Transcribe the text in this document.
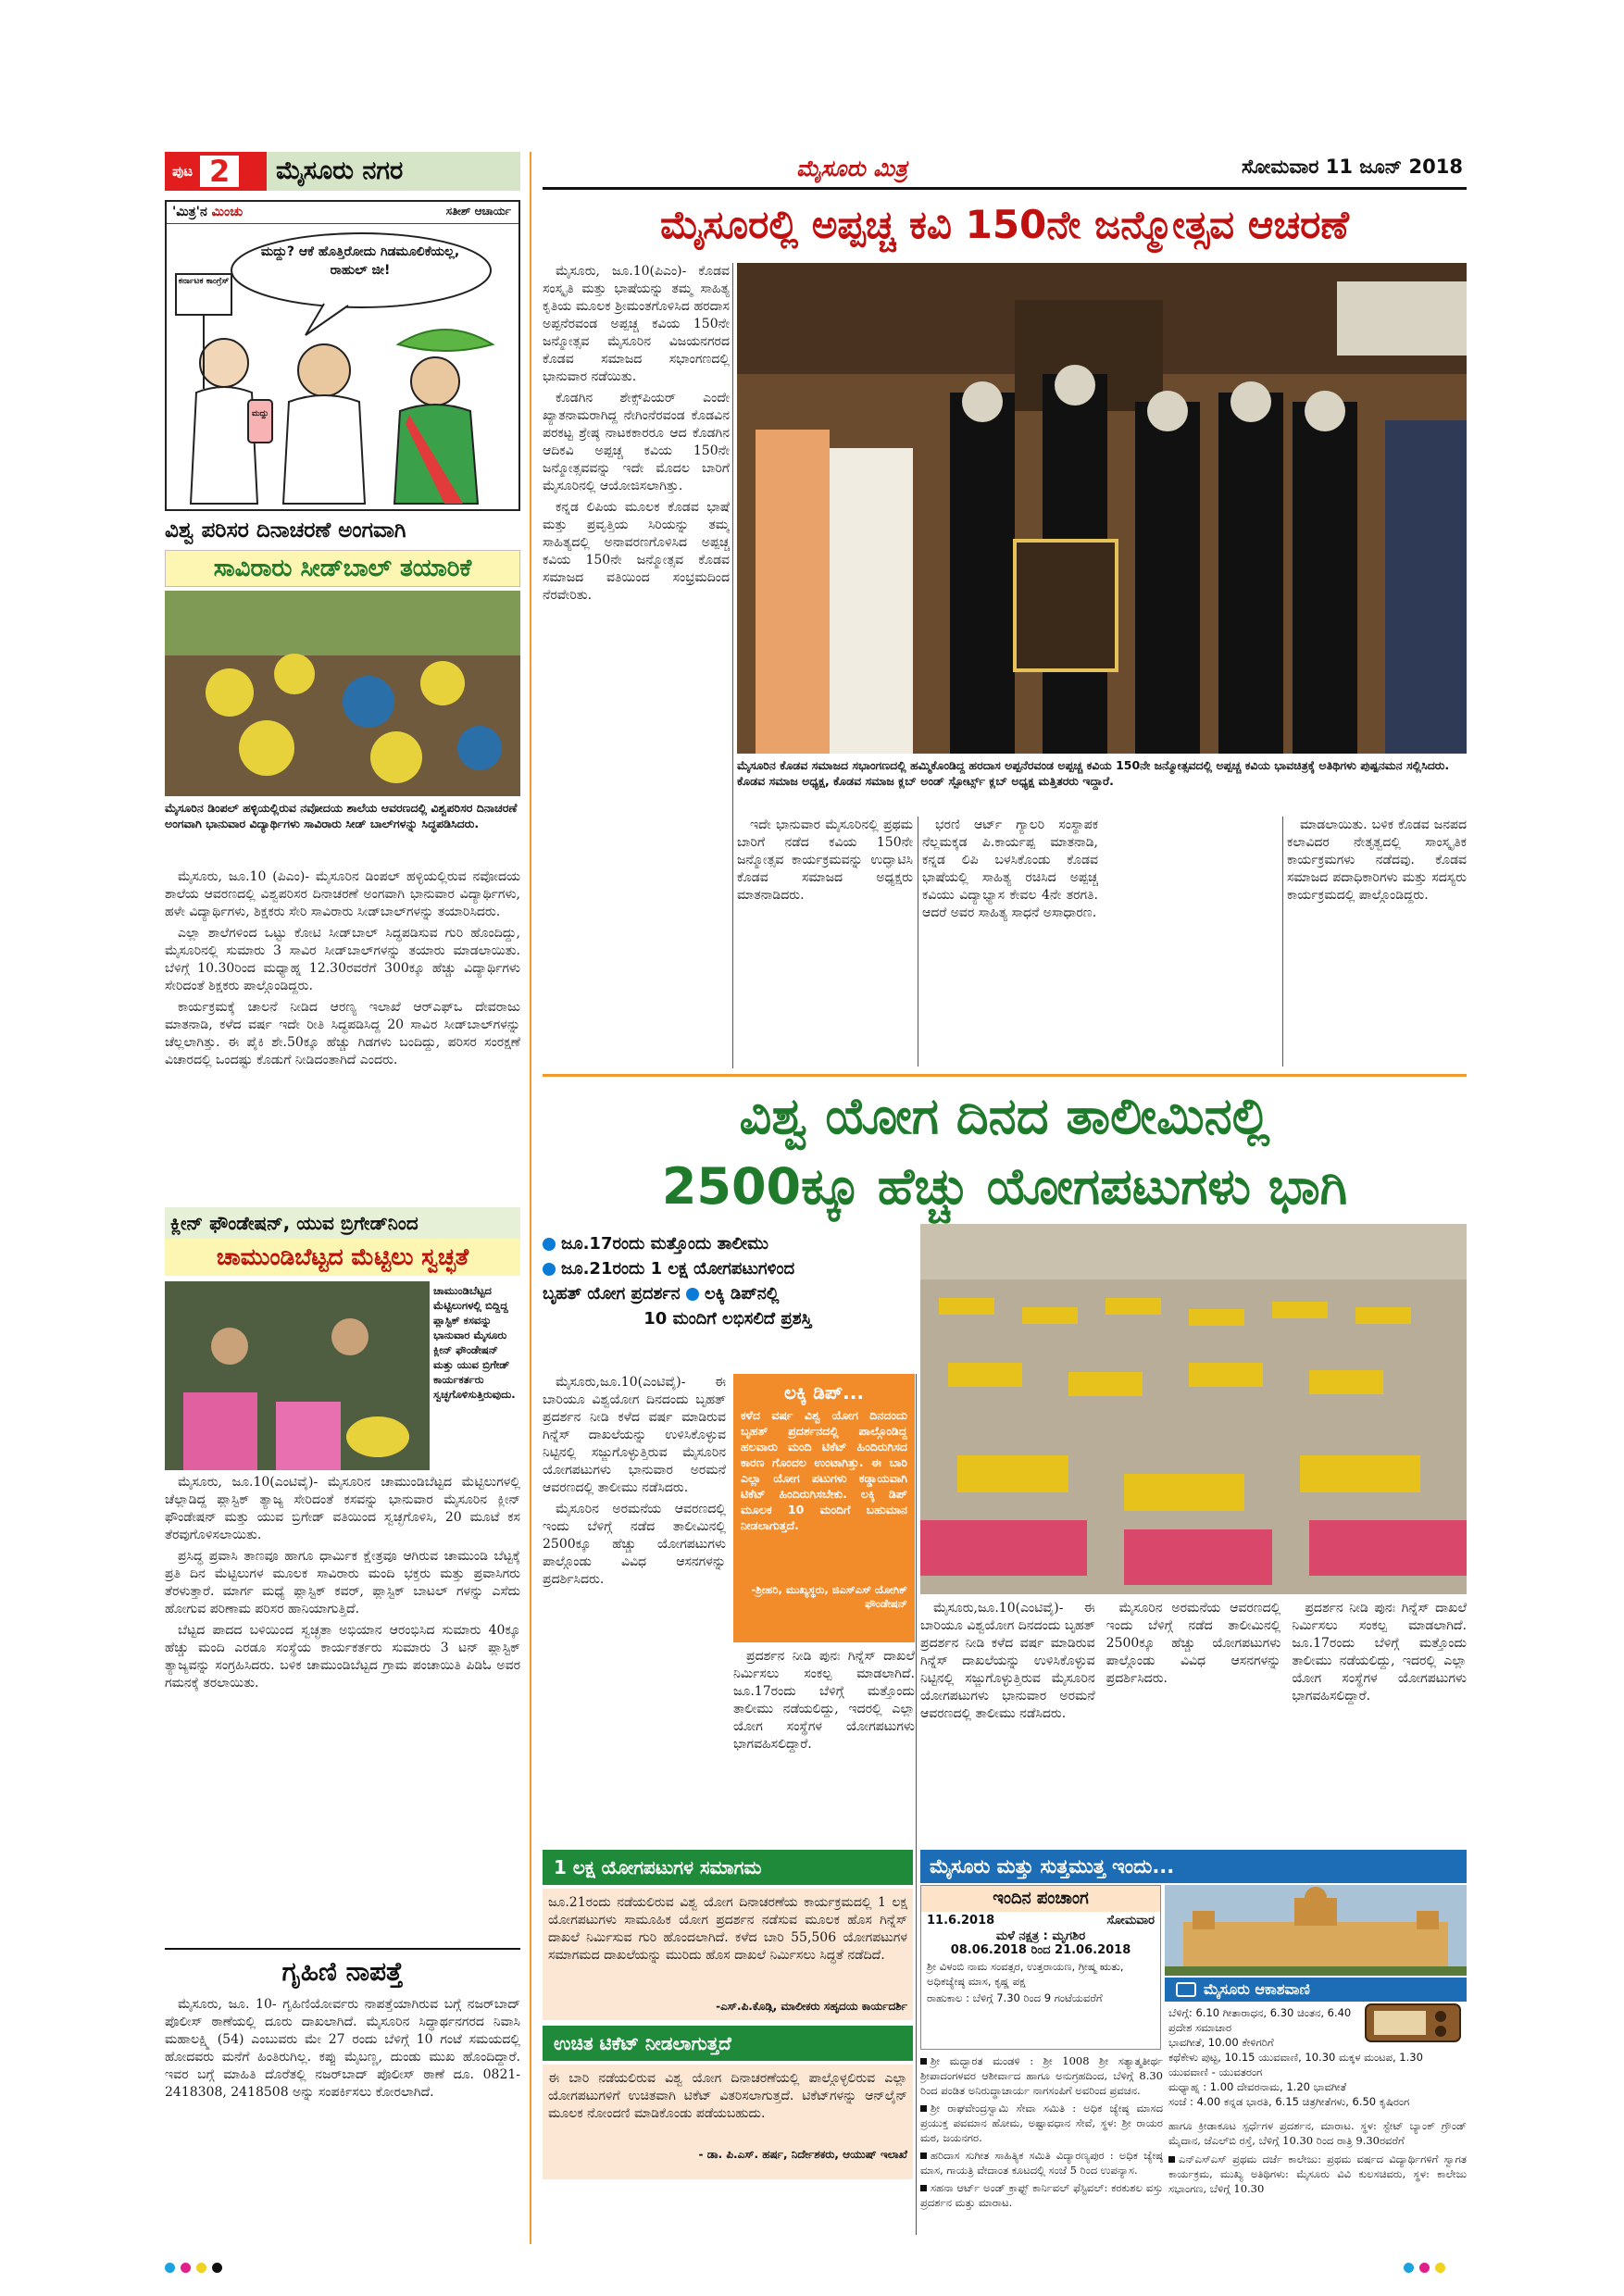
ಪುಟ 2	ಮೈಸೂರು ನಗರ	ಮೈಸೂರು ಮಿತ್ರ	ಸೋಮವಾರ 11 ಜೂನ್ 2018
'ಮಿತ್ರ'ನ ಮಿಂಚು	ಸತೀಶ್ ಆಚಾರ್ಯ
ಮದ್ದು? ಆಕೆ ಹೊತ್ತಿರೋದು ಗಿಡಮೂಲಿಕೆಯಲ್ಲ, ರಾಹುಲ್ ಜೀ!
ಕರ್ನಾಟಕ ಕಾಂಗ್ರೆಸ್
ಮದ್ದು
ವಿಶ್ವ ಪರಿಸರ ದಿನಾಚರಣೆ ಅಂಗವಾಗಿ
ಸಾವಿರಾರು ಸೀಡ್‌ಬಾಲ್ ತಯಾರಿಕೆ
ಮೈಸೂರಿನ ಡಿಂಪಲ್ ಹಳ್ಳಿಯಲ್ಲಿರುವ ನವೋದಯ ಶಾಲೆಯ ಆವರಣದಲ್ಲಿ ವಿಶ್ವಪರಿಸರ ದಿನಾಚರಣೆ ಅಂಗವಾಗಿ ಭಾನುವಾರ ವಿದ್ಯಾರ್ಥಿಗಳು ಸಾವಿರಾರು ಸೀಡ್ ಬಾಲ್‌ಗಳನ್ನು ಸಿದ್ಧಪಡಿಸಿದರು.

ಮೈಸೂರು, ಜೂ.10 (ಪಿಎಂ)- ಮೈಸೂರಿನ ಡಿಂಪಲ್ ಹಳ್ಳಿಯಲ್ಲಿರುವ ನವೋದಯ ಶಾಲೆಯ ಆವರಣದಲ್ಲಿ ವಿಶ್ವಪರಿಸರ ದಿನಾಚರಣೆ ಅಂಗವಾಗಿ ಭಾನುವಾರ ವಿದ್ಯಾರ್ಥಿಗಳು, ಹಳೇ ವಿದ್ಯಾರ್ಥಿಗಳು, ಶಿಕ್ಷಕರು ಸೇರಿ ಸಾವಿರಾರು ಸೀಡ್‌ಬಾಲ್‌ಗಳನ್ನು ತಯಾರಿಸಿದರು.

ಎಲ್ಲಾ ಶಾಲೆಗಳಿಂದ ಒಟ್ಟು ಕೋಟಿ ಸೀಡ್‌ಬಾಲ್ ಸಿದ್ಧಪಡಿಸುವ ಗುರಿ ಹೊಂದಿದ್ದು, ಮೈಸೂರಿನಲ್ಲಿ ಸುಮಾರು 3 ಸಾವಿರ ಸೀಡ್‌ಬಾಲ್‌ಗಳನ್ನು ತಯಾರು ಮಾಡಲಾಯಿತು. ಬೆಳಿಗ್ಗೆ 10.30ರಿಂದ ಮಧ್ಯಾಹ್ನ 12.30ರವರೆಗೆ 300ಕ್ಕೂ ಹೆಚ್ಚು ವಿದ್ಯಾರ್ಥಿಗಳು ಸೇರಿದಂತೆ ಶಿಕ್ಷಕರು ಪಾಲ್ಗೊಂಡಿದ್ದರು.

ಕಾರ್ಯಕ್ರಮಕ್ಕೆ ಚಾಲನೆ ನೀಡಿದ ಆರಣ್ಯ ಇಲಾಖೆ ಆರ್‌ಎಫ್‌ಒ ದೇವರಾಜು ಮಾತನಾಡಿ, ಕಳೆದ ವರ್ಷ ಇದೇ ರೀತಿ ಸಿದ್ಧಪಡಿಸಿದ್ದ 20 ಸಾವಿರ ಸೀಡ್‌ಬಾಲ್‌ಗಳನ್ನು ಚೆಲ್ಲಲಾಗಿತ್ತು. ಈ ಪೈಕಿ ಶೇ.50ಕ್ಕೂ ಹೆಚ್ಚು ಗಿಡಗಳು ಬಂದಿದ್ದು, ಪರಿಸರ ಸಂರಕ್ಷಣೆ ವಿಚಾರದಲ್ಲಿ ಒಂದಷ್ಟು ಕೊಡುಗೆ ನೀಡಿದಂತಾಗಿದೆ ಎಂದರು.

ಕ್ಲೀನ್ ಫೌಂಡೇಷನ್, ಯುವ ಬ್ರಿಗೇಡ್‌ನಿಂದ
ಚಾಮುಂಡಿಬೆಟ್ಟದ ಮೆಟ್ಟಿಲು ಸ್ವಚ್ಛತೆ
ಚಾಮುಂಡಿಬೆಟ್ಟದ ಮೆಟ್ಟಿಲುಗಳಲ್ಲಿ ಬಿದ್ದಿದ್ದ ಪ್ಲಾಸ್ಟಿಕ್ ಕಸವನ್ನು ಭಾನುವಾರ ಮೈಸೂರು ಕ್ಲೀನ್ ಫೌಂಡೇಷನ್ ಮತ್ತು ಯುವ ಬ್ರಿಗೇಡ್ ಕಾರ್ಯಕರ್ತರು ಸ್ವಚ್ಛಗೊಳಿಸುತ್ತಿರುವುದು.

ಮೈಸೂರು, ಜೂ.10(ಎಂಟಿವೈ)- ಮೈಸೂರಿನ ಚಾಮುಂಡಿಬೆಟ್ಟದ ಮೆಟ್ಟಿಲುಗಳಲ್ಲಿ ಚೆಲ್ಲಾಡಿದ್ದ ಪ್ಲಾಸ್ಟಿಕ್ ತ್ಯಾಜ್ಯ ಸೇರಿದಂತೆ ಕಸವನ್ನು ಭಾನುವಾರ ಮೈಸೂರಿನ ಕ್ಲೀನ್ ಫೌಂಡೇಷನ್ ಮತ್ತು ಯುವ ಬ್ರಿಗೇಡ್ ವತಿಯಿಂದ ಸ್ವಚ್ಛಗೊಳಿಸಿ, 20 ಮೂಟೆ ಕಸ ತೆರವುಗೊಳಿಸಲಾಯಿತು.

ಪ್ರಸಿದ್ಧ ಪ್ರವಾಸಿ ತಾಣವೂ ಹಾಗೂ ಧಾರ್ಮಿಕ ಕ್ಷೇತ್ರವೂ ಆಗಿರುವ ಚಾಮುಂಡಿ ಬೆಟ್ಟಕ್ಕೆ ಪ್ರತಿ ದಿನ ಮೆಟ್ಟಿಲುಗಳ ಮೂಲಕ ಸಾವಿರಾರು ಮಂದಿ ಭಕ್ತರು ಮತ್ತು ಪ್ರವಾಸಿಗರು ತೆರಳುತ್ತಾರೆ. ಮಾರ್ಗ ಮಧ್ಯೆ ಪ್ಲಾಸ್ಟಿಕ್ ಕವರ್, ಪ್ಲಾಸ್ಟಿಕ್ ಬಾಟಲ್ ಗಳನ್ನು ಎಸೆದು ಹೋಗುವ ಪರಿಣಾಮ ಪರಿಸರ ಹಾನಿಯಾಗುತ್ತಿದೆ.

ಬೆಟ್ಟದ ಪಾದದ ಬಳಿಯಿಂದ ಸ್ವಚ್ಛತಾ ಅಭಿಯಾನ ಆರಂಭಿಸಿದ ಸುಮಾರು 40ಕ್ಕೂ ಹೆಚ್ಚು ಮಂದಿ ಎರಡೂ ಸಂಸ್ಥೆಯ ಕಾರ್ಯಕರ್ತರು ಸುಮಾರು 3 ಟನ್ ಪ್ಲಾಸ್ಟಿಕ್ ತ್ಯಾಜ್ಯವನ್ನು ಸಂಗ್ರಹಿಸಿದರು. ಬಳಿಕ ಚಾಮುಂಡಿಬೆಟ್ಟದ ಗ್ರಾಮ ಪಂಚಾಯಿತಿ ಪಿಡಿಓ ಅವರ ಗಮನಕ್ಕೆ ತರಲಾಯಿತು.

ಗೃಹಿಣಿ ನಾಪತ್ತೆ
ಮೈಸೂರು, ಜೂ. 10- ಗೃಹಿಣಿಯೋರ್ವರು ನಾಪತ್ತೆಯಾಗಿರುವ ಬಗ್ಗೆ ನಜರ್‌ಬಾದ್ ಪೊಲೀಸ್ ಠಾಣೆಯಲ್ಲಿ ದೂರು ದಾಖಲಾಗಿದೆ. ಮೈಸೂರಿನ ಸಿದ್ಧಾರ್ಥನಗರದ ನಿವಾಸಿ ಮಹಾಲಕ್ಷ್ಮಿ (54) ಎಂಬುವರು ಮೇ 27 ರಂದು ಬೆಳಿಗ್ಗೆ 10 ಗಂಟೆ ಸಮಯದಲ್ಲಿ ಹೋದವರು ಮನೆಗೆ ಹಿಂತಿರುಗಿಲ್ಲ. ಕಪ್ಪು ಮೈಬಣ್ಣ, ದುಂಡು ಮುಖ ಹೊಂದಿದ್ದಾರೆ. ಇವರ ಬಗ್ಗೆ ಮಾಹಿತಿ ದೊರೆತಲ್ಲಿ ನಜರ್‌ಬಾದ್ ಪೊಲೀಸ್ ಠಾಣೆ ದೂ. 0821-2418308, 2418508 ಅನ್ನು ಸಂಪರ್ಕಿಸಲು ಕೋರಲಾಗಿದೆ.
ಮೈಸೂರಲ್ಲಿ ಅಪ್ಪಚ್ಚ ಕವಿ 150ನೇ ಜನ್ಮೋತ್ಸವ ಆಚರಣೆ

ಮೈಸೂರು, ಜೂ.10(ಪಿಎಂ)- ಕೊಡವ ಸಂಸ್ಕೃತಿ ಮತ್ತು ಭಾಷೆಯನ್ನು ತಮ್ಮ ಸಾಹಿತ್ಯ ಕೃತಿಯ ಮೂಲಕ ಶ್ರೀಮಂತಗೊಳಿಸಿದ ಹರದಾಸ ಅಪ್ಪನೆರವಂಡ ಅಪ್ಪಚ್ಚ ಕವಿಯ 150ನೇ ಜನ್ಮೋತ್ಸವ ಮೈಸೂರಿನ ವಿಜಯನಗರದ ಕೊಡವ ಸಮಾಜದ ಸಭಾಂಗಣದಲ್ಲಿ ಭಾನುವಾರ ನಡೆಯಿತು.

ಕೊಡಗಿನ ಶೇಕ್ಸ್‌ಪಿಯರ್ ಎಂದೇ ಖ್ಯಾತನಾಮರಾಗಿದ್ದ ನೇಗಿಂನೆರವಂಡ ಕೊಡವಿನ ಪರಕಟ್ಟ ಶ್ರೇಷ್ಠ ನಾಟಕಕಾರರೂ ಆದ ಕೊಡಗಿನ ಆದಿಕವಿ ಅಪ್ಪಚ್ಚ ಕವಿಯ 150ನೇ ಜನ್ಮೋತ್ಸವವನ್ನು ಇದೇ ಮೊದಲ ಬಾರಿಗೆ ಮೈಸೂರಿನಲ್ಲಿ ಆಯೋಜಿಸಲಾಗಿತ್ತು.

ಕನ್ನಡ ಲಿಪಿಯ ಮೂಲಕ ಕೊಡವ ಭಾಷೆ ಮತ್ತು ಪ್ರವೃತ್ತಿಯ ಸಿರಿಯನ್ನು ತಮ್ಮ ಸಾಹಿತ್ಯದಲ್ಲಿ ಅನಾವರಣಗೊಳಿಸಿದ ಅಪ್ಪಚ್ಚ ಕವಿಯ 150ನೇ ಜನ್ಮೋತ್ಸವ ಕೊಡವ ಸಮಾಜದ ವತಿಯಿಂದ ಸಂಭ್ರಮದಿಂದ ನೆರವೇರಿತು.

ಮೈಸೂರಿನ ಕೊಡವ ಸಮಾಜದ ಸಭಾಂಗಣದಲ್ಲಿ ಹಮ್ಮಿಕೊಂಡಿದ್ದ ಹರದಾಸ ಅಪ್ಪನೆರವಂಡ ಅಪ್ಪಚ್ಚ ಕವಿಯ 150ನೇ ಜನ್ಮೋತ್ಸವದಲ್ಲಿ ಅಪ್ಪಚ್ಚ ಕವಿಯ ಭಾವಚಿತ್ರಕ್ಕೆ ಅತಿಥಿಗಳು ಪುಷ್ಪನಮನ ಸಲ್ಲಿಸಿದರು. ಕೊಡವ ಸಮಾಜ ಅಧ್ಯಕ್ಷ, ಕೊಡವ ಸಮಾಜ ಕ್ಲಬ್ ಅಂಡ್ ಸ್ಪೋರ್ಟ್ಸ್ ಕ್ಲಬ್ ಅಧ್ಯಕ್ಷ ಮತ್ತಿತರರು ಇದ್ದಾರೆ.

ಇದೇ ಭಾನುವಾರ ಮೈಸೂರಿನಲ್ಲಿ ಪ್ರಥಮ ಬಾರಿಗೆ ನಡೆದ ಕವಿಯ 150ನೇ ಜನ್ಮೋತ್ಸವ ಕಾರ್ಯಕ್ರಮವನ್ನು ಉದ್ಘಾಟಿಸಿ ಕೊಡವ ಸಮಾಜದ ಅಧ್ಯಕ್ಷರು ಮಾತನಾಡಿದರು.

ಭರಣಿ ಆರ್ಟ್ ಗ್ಯಾಲರಿ ಸಂಸ್ಥಾಪಕ ನೆಲ್ಲಮಕ್ಕಡ ಪಿ.ಕಾರ್ಯಪ್ಪ ಮಾತನಾಡಿ, ಕನ್ನಡ ಲಿಪಿ ಬಳಸಿಕೊಂಡು ಕೊಡವ ಭಾಷೆಯಲ್ಲಿ ಸಾಹಿತ್ಯ ರಚಿಸಿದ ಅಪ್ಪಚ್ಚ ಕವಿಯು ವಿದ್ಯಾಭ್ಯಾಸ ಕೇವಲ 4ನೇ ತರಗತಿ. ಆದರೆ ಅವರ ಸಾಹಿತ್ಯ ಸಾಧನೆ ಅಸಾಧಾರಣ.

ಮಾಡಲಾಯಿತು. ಬಳಿಕ ಕೊಡವ ಜನಪದ ಕಲಾವಿದರ ನೇತೃತ್ವದಲ್ಲಿ ಸಾಂಸ್ಕೃತಿಕ ಕಾರ್ಯಕ್ರಮಗಳು ನಡೆದವು. ಕೊಡವ ಸಮಾಜದ ಪದಾಧಿಕಾರಿಗಳು ಮತ್ತು ಸದಸ್ಯರು ಕಾರ್ಯಕ್ರಮದಲ್ಲಿ ಪಾಲ್ಗೊಂಡಿದ್ದರು.

ವಿಶ್ವ ಯೋಗ ದಿನದ ತಾಲೀಮಿನಲ್ಲಿ
2500ಕ್ಕೂ ಹೆಚ್ಚು ಯೋಗಪಟುಗಳು ಭಾಗಿ
ಜೂ.17ರಂದು ಮತ್ತೊಂದು ತಾಲೀಮು
ಜೂ.21ರಂದು 1 ಲಕ್ಷ ಯೋಗಪಟುಗಳಿಂದ
ಬೃಹತ್ ಯೋಗ ಪ್ರದರ್ಶನ ಲಕ್ಕಿ ಡಿಪ್‌ನಲ್ಲಿ
10 ಮಂದಿಗೆ ಲಭಿಸಲಿದೆ ಪ್ರಶಸ್ತಿ

ಮೈಸೂರು,ಜೂ.10(ಎಂಟಿವೈ)- ಈ ಬಾರಿಯೂ ವಿಶ್ವಯೋಗ ದಿನದಂದು ಬೃಹತ್ ಪ್ರದರ್ಶನ ನೀಡಿ ಕಳೆದ ವರ್ಷ ಮಾಡಿರುವ ಗಿನ್ನೆಸ್ ದಾಖಲೆಯನ್ನು ಉಳಿಸಿಕೊಳ್ಳುವ ನಿಟ್ಟಿನಲ್ಲಿ ಸಜ್ಜುಗೊಳ್ಳುತ್ತಿರುವ ಮೈಸೂರಿನ ಯೋಗಪಟುಗಳು ಭಾನುವಾರ ಅರಮನೆ ಆವರಣದಲ್ಲಿ ತಾಲೀಮು ನಡೆಸಿದರು.

ಮೈಸೂರಿನ ಅರಮನೆಯ ಆವರಣದಲ್ಲಿ ಇಂದು ಬೆಳಿಗ್ಗೆ ನಡೆದ ತಾಲೀಮಿನಲ್ಲಿ 2500ಕ್ಕೂ ಹೆಚ್ಚು ಯೋಗಪಟುಗಳು ಪಾಲ್ಗೊಂಡು ವಿವಿಧ ಆಸನಗಳನ್ನು ಪ್ರದರ್ಶಿಸಿದರು.

ಲಕ್ಕಿ ಡಿಪ್...
ಕಳೆದ ವರ್ಷ ವಿಶ್ವ ಯೋಗ ದಿನದಂದು ಬೃಹತ್ ಪ್ರದರ್ಶನದಲ್ಲಿ ಪಾಲ್ಗೊಂಡಿದ್ದ ಹಲವಾರು ಮಂದಿ ಟಿಕೆಟ್ ಹಿಂದಿರುಗಿಸದ ಕಾರಣ ಗೊಂದಲ ಉಂಟಾಗಿತ್ತು. ಈ ಬಾರಿ ಎಲ್ಲಾ ಯೋಗ ಪಟುಗಳು ಕಡ್ಡಾಯವಾಗಿ ಟಿಕೆಟ್ ಹಿಂದಿರುಗಿಸಬೇಕು. ಲಕ್ಕಿ ಡಿಪ್ ಮೂಲಕ 10 ಮಂದಿಗೆ ಬಹುಮಾನ ನೀಡಲಾಗುತ್ತದೆ.
-ಶ್ರೀಹರಿ, ಮುಖ್ಯಸ್ಥರು, ಜಿಎಸ್‌ಎಸ್ ಯೋಗಿಕ್ ಫೌಂಡೇಷನ್

ಪ್ರದರ್ಶನ ನೀಡಿ ಪುನಃ ಗಿನ್ನೆಸ್ ದಾಖಲೆ ನಿರ್ಮಿಸಲು ಸಂಕಲ್ಪ ಮಾಡಲಾಗಿದೆ. ಜೂ.17ರಂದು ಬೆಳಿಗ್ಗೆ ಮತ್ತೊಂದು ತಾಲೀಮು ನಡೆಯಲಿದ್ದು, ಇದರಲ್ಲಿ ಎಲ್ಲಾ ಯೋಗ ಸಂಸ್ಥೆಗಳ ಯೋಗಪಟುಗಳು ಭಾಗವಹಿಸಲಿದ್ದಾರೆ.

ಮೈಸೂರು,ಜೂ.10(ಎಂಟಿವೈ)- ಈ ಬಾರಿಯೂ ವಿಶ್ವಯೋಗ ದಿನದಂದು ಬೃಹತ್ ಪ್ರದರ್ಶನ ನೀಡಿ ಕಳೆದ ವರ್ಷ ಮಾಡಿರುವ ಗಿನ್ನೆಸ್ ದಾಖಲೆಯನ್ನು ಉಳಿಸಿಕೊಳ್ಳುವ ನಿಟ್ಟಿನಲ್ಲಿ ಸಜ್ಜುಗೊಳ್ಳುತ್ತಿರುವ ಮೈಸೂರಿನ ಯೋಗಪಟುಗಳು ಭಾನುವಾರ ಅರಮನೆ ಆವರಣದಲ್ಲಿ ತಾಲೀಮು ನಡೆಸಿದರು.

ಮೈಸೂರಿನ ಅರಮನೆಯ ಆವರಣದಲ್ಲಿ ಇಂದು ಬೆಳಿಗ್ಗೆ ನಡೆದ ತಾಲೀಮಿನಲ್ಲಿ 2500ಕ್ಕೂ ಹೆಚ್ಚು ಯೋಗಪಟುಗಳು ಪಾಲ್ಗೊಂಡು ವಿವಿಧ ಆಸನಗಳನ್ನು ಪ್ರದರ್ಶಿಸಿದರು.

ಪ್ರದರ್ಶನ ನೀಡಿ ಪುನಃ ಗಿನ್ನೆಸ್ ದಾಖಲೆ ನಿರ್ಮಿಸಲು ಸಂಕಲ್ಪ ಮಾಡಲಾಗಿದೆ. ಜೂ.17ರಂದು ಬೆಳಿಗ್ಗೆ ಮತ್ತೊಂದು ತಾಲೀಮು ನಡೆಯಲಿದ್ದು, ಇದರಲ್ಲಿ ಎಲ್ಲಾ ಯೋಗ ಸಂಸ್ಥೆಗಳ ಯೋಗಪಟುಗಳು ಭಾಗವಹಿಸಲಿದ್ದಾರೆ.

1 ಲಕ್ಷ ಯೋಗಪಟುಗಳ ಸಮಾಗಮ
ಜೂ.21ರಂದು ನಡೆಯಲಿರುವ ವಿಶ್ವ ಯೋಗ ದಿನಾಚರಣೆಯ ಕಾರ್ಯಕ್ರಮದಲ್ಲಿ 1 ಲಕ್ಷ ಯೋಗಪಟುಗಳು ಸಾಮೂಹಿಕ ಯೋಗ ಪ್ರದರ್ಶನ ನಡೆಸುವ ಮೂಲಕ ಹೊಸ ಗಿನ್ನೆಸ್ ದಾಖಲೆ ನಿರ್ಮಿಸುವ ಗುರಿ ಹೊಂದಲಾಗಿದೆ. ಕಳೆದ ಬಾರಿ 55,506 ಯೋಗಪಟುಗಳ ಸಮಾಗಮದ ದಾಖಲೆಯನ್ನು ಮುರಿದು ಹೊಸ ದಾಖಲೆ ನಿರ್ಮಿಸಲು ಸಿದ್ಧತೆ ನಡೆದಿದೆ.
-ಎಸ್.ಪಿ.ಕೊಡ್ಗಿ, ಮಾಲೀಕರು ಸಹೃದಯ ಕಾರ್ಯದರ್ಶಿ
ಉಚಿತ ಟಿಕೆಟ್ ನೀಡಲಾಗುತ್ತದೆ
ಈ ಬಾರಿ ನಡೆಯಲಿರುವ ವಿಶ್ವ ಯೋಗ ದಿನಾಚರಣೆಯಲ್ಲಿ ಪಾಲ್ಗೊಳ್ಳಲಿರುವ ಎಲ್ಲಾ ಯೋಗಪಟುಗಳಿಗೆ ಉಚಿತವಾಗಿ ಟಿಕೆಟ್ ವಿತರಿಸಲಾಗುತ್ತದೆ. ಟಿಕೆಟ್‌ಗಳನ್ನು ಆನ್‌ಲೈನ್ ಮೂಲಕ ನೋಂದಣಿ ಮಾಡಿಕೊಂಡು ಪಡೆಯಬಹುದು.
- ಡಾ. ಪಿ.ಎಸ್. ಹರ್ಷ, ನಿರ್ದೇಶಕರು, ಆಯುಷ್ ಇಲಾಖೆ
ಮೈಸೂರು ಮತ್ತು ಸುತ್ತಮುತ್ತ ಇಂದು...
ಇಂದಿನ ಪಂಚಾಂಗ
11.6.2018	ಸೋಮವಾರ
ಮಳೆ ನಕ್ಷತ್ರ : ಮೃಗಶಿರ
08.06.2018 ರಿಂದ 21.06.2018
ಶ್ರೀ ವಿಳಂಬಿ ನಾಮ ಸಂವತ್ಸರ, ಉತ್ತರಾಯಣ, ಗ್ರೀಷ್ಮ ಋತು, ಅಧಿಕಜ್ಯೇಷ್ಠ ಮಾಸ, ಕೃಷ್ಣ ಪಕ್ಷ
ರಾಹುಕಾಲ : ಬೆಳಿಗ್ಗೆ 7.30 ರಿಂದ 9 ಗಂಟೆಯವರೆಗೆ	ಮೈಸೂರು ಆಕಾಶವಾಣಿ
ಬೆಳಿಗ್ಗೆ: 6.10 ಗೀತಾರಾಧನ, 6.30 ಚಿಂತನ, 6.40 ಪ್ರದೇಶ ಸಮಾಚಾರ
ಭಾವಗೀತೆ, 10.00 ಕೇಳಿಗರಿಗೆ
ಕಥೆಕೇಳು ಪುಟ್ಟ, 10.15 ಯುವವಾಣಿ, 10.30 ಮಕ್ಕಳ ಮಂಟಪ, 1.30 ಯುವವಾಣಿ - ಯುವತರಂಗ
ಮಧ್ಯಾಹ್ನ : 1.00 ದೇವರನಾಮ, 1.20 ಭಾವಗೀತೆ
ಸಂಜೆ : 4.00 ಕನ್ನಡ ಭಾರತಿ, 6.15 ಚಿತ್ರಗೀತೆಗಳು, 6.50 ಕೃಷಿರಂಗ
ಶ್ರೀ ಮದ್ಭಾರತ ಮಂಡಳಿ : ಶ್ರೀ 1008 ಶ್ರೀ ಸತ್ಯಾತ್ಮತೀರ್ಥ ಶ್ರೀಪಾದಂಗಳವರ ಆಶೀರ್ವಾದ ಹಾಗೂ ಅನುಗ್ರಹದಿಂದ, ಬೆಳಿಗ್ಗೆ 8.30 ರಿಂದ ಪಂಡಿತ ಅನಿರುದ್ಧಾಚಾರ್ಯ ನಾಗಸಂಪಿಗೆ ಅವರಿಂದ ಪ್ರವಚನ.
ಶ್ರೀ ರಾಘವೇಂದ್ರಸ್ವಾಮಿ ಸೇವಾ ಸಮಿತಿ : ಅಧಿಕ ಜ್ಯೇಷ್ಠ ಮಾಸದ ಪ್ರಯುಕ್ತ ಪವಮಾನ ಹೋಮ, ಅಷ್ಟಾವಧಾನ ಸೇವೆ, ಸ್ಥಳ: ಶ್ರೀ ರಾಯರ ಮಠ, ಜಯನಗರ.
ಹರಿದಾಸ ಸುಗೀತ ಸಾಹಿತ್ಯಿಕ ಸಮಿತಿ ವಿದ್ಯಾರಣ್ಯಪುರ : ಅಧಿಕ ಜ್ಯೇಷ್ಠ ಮಾಸ, ಗಾಯತ್ರಿ ವೇದಾಂತ ಕೂಟದಲ್ಲಿ ಸಂಜೆ 5 ರಿಂದ ಉಪನ್ಯಾಸ.
ಸಹನಾ ಆರ್ಟ್ ಅಂಡ್ ಕ್ರಾಫ್ಟ್ ಕಾರ್ನಿವಲ್ ಫೆಸ್ಟಿವಲ್: ಕರಕುಶಲ ವಸ್ತು ಪ್ರದರ್ಶನ ಮತ್ತು ಮಾರಾಟ.
ಹಾಗೂ ಕ್ರೀಡಾಕೂಟ ಸ್ಪರ್ಧೆಗಳ ಪ್ರದರ್ಶನ, ಮಾರಾಟ. ಸ್ಥಳ: ಸ್ಟೇಟ್ ಬ್ಯಾಂಕ್ ಗ್ರೌಂಡ್ ಮೈದಾನ, ಜೆಎಲ್‌ಬಿ ರಸ್ತೆ, ಬೆಳಿಗ್ಗೆ 10.30 ರಿಂದ ರಾತ್ರಿ 9.30ರವರೆಗೆ
ಎನ್‌ಎಸ್‌ಎಸ್ ಪ್ರಥಮ ದರ್ಜೆ ಕಾಲೇಜು: ಪ್ರಥಮ ವರ್ಷದ ವಿದ್ಯಾರ್ಥಿಗಳಿಗೆ ಸ್ವಾಗತ ಕಾರ್ಯಕ್ರಮ, ಮುಖ್ಯ ಅತಿಥಿಗಳು: ಮೈಸೂರು ವಿವಿ ಕುಲಸಚಿವರು, ಸ್ಥಳ: ಕಾಲೇಜು ಸಭಾಂಗಣ, ಬೆಳಿಗ್ಗೆ 10.30
